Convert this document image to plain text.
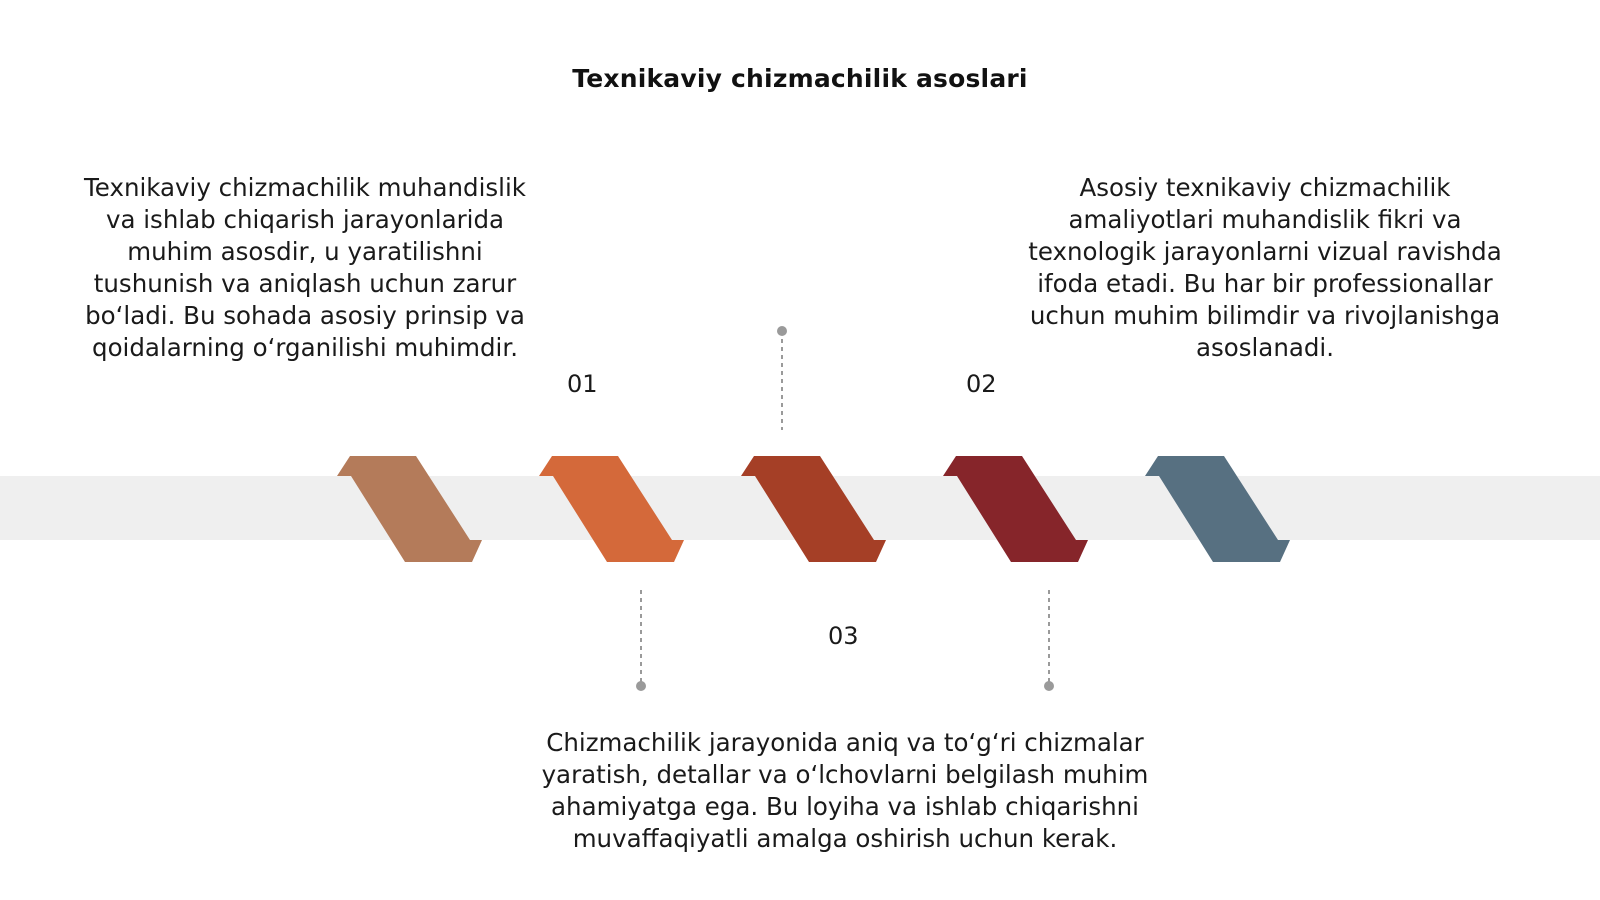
Texnikaviy chizmachilik asoslari
Texnikaviy chizmachilik muhandislik va ishlab chiqarish jarayonlarida muhim asosdir, u yaratilishni tushunish va aniqlash uchun zarur bo‘ladi. Bu sohada asosiy prinsip va qoidalarning o‘rganilishi muhimdir.
Asosiy texnikaviy chizmachilik amaliyotlari muhandislik fikri va texnologik jarayonlarni vizual ravishda ifoda etadi. Bu har bir professionallar uchun muhim bilimdir va rivojlanishga asoslanadi.
Chizmachilik jarayonida aniq va to‘g‘ri chizmalar yaratish, detallar va o‘lchovlarni belgilash muhim ahamiyatga ega. Bu loyiha va ishlab chiqarishni muvaffaqiyatli amalga oshirish uchun kerak.
01	02
03
